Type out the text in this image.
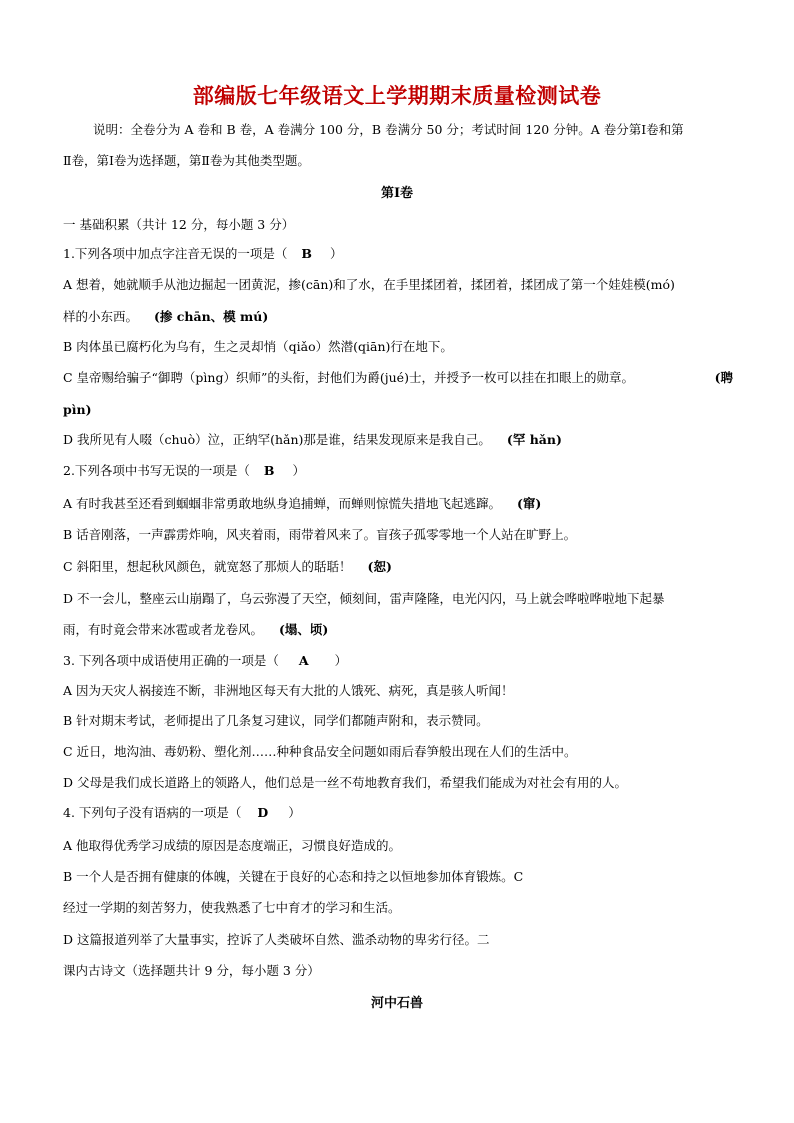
部编版七年级语文上学期期末质量检测试卷
说明：全卷分为 A 卷和 B 卷，A 卷满分 100 分，B 卷满分 50 分；考试时间 120 分钟。A 卷分第Ⅰ卷和第
Ⅱ卷，第Ⅰ卷为选择题，第Ⅱ卷为其他类型题。
第Ⅰ卷
一 基础积累（共计 12 分，每小题 3 分）
1.下列各项中加点字注音无误的一项是（ B ）
A 想着，她就顺手从池边掘起一团黄泥，掺(cān)和了水，在手里揉团着，揉团着，揉团成了第一个娃娃模(mó)
样的小东西。 (掺 chān、模 mú)
B 肉体虽已腐朽化为乌有，生之灵却悄（qiǎo）然潜(qiān)行在地下。
C 皇帝赐给骗子“御聘（pìng）织师”的头衔，封他们为爵(jué)士，并授予一枚可以挂在扣眼上的勋章。	(聘
pìn)
D 我所见有人啜（chuò）泣，正纳罕(hǎn)那是谁，结果发现原来是我自己。 (罕 hǎn)
2.下列各项中书写无误的一项是（ B ）
A 有时我甚至还看到蝈蝈非常勇敢地纵身追捕蝉，而蝉则惊慌失措地飞起逃蹿。 (窜)
B 话音刚落，一声霹雳炸响，风夹着雨，雨带着风来了。盲孩子孤零零地一个人站在旷野上。
C 斜阳里，想起秋风颜色，就宽怒了那烦人的聒聒！ (恕)
D 不一会儿，整座云山崩蹋了，乌云弥漫了天空，倾刻间，雷声隆隆，电光闪闪，马上就会哗啦哗啦地下起暴
雨，有时竟会带来冰雹或者龙卷风。 (塌、顷)
3. 下列各项中成语使用正确的一项是（ A ）
A 因为天灾人祸接连不断，非洲地区每天有大批的人饿死、病死，真是骇人听闻！
B 针对期末考试，老师提出了几条复习建议，同学们都随声附和，表示赞同。
C 近日，地沟油、毒奶粉、塑化剂……种种食品安全问题如雨后春笋般出现在人们的生活中。
D 父母是我们成长道路上的领路人，他们总是一丝不苟地教育我们，希望我们能成为对社会有用的人。
4. 下列句子没有语病的一项是（ D ）
A 他取得优秀学习成绩的原因是态度端正，习惯良好造成的。
B 一个人是否拥有健康的体魄，关键在于良好的心态和持之以恒地参加体育锻炼。C
经过一学期的刻苦努力，使我熟悉了七中育才的学习和生活。
D 这篇报道列举了大量事实，控诉了人类破坏自然、滥杀动物的卑劣行径。二
课内古诗文（选择题共计 9 分，每小题 3 分）
河中石兽
